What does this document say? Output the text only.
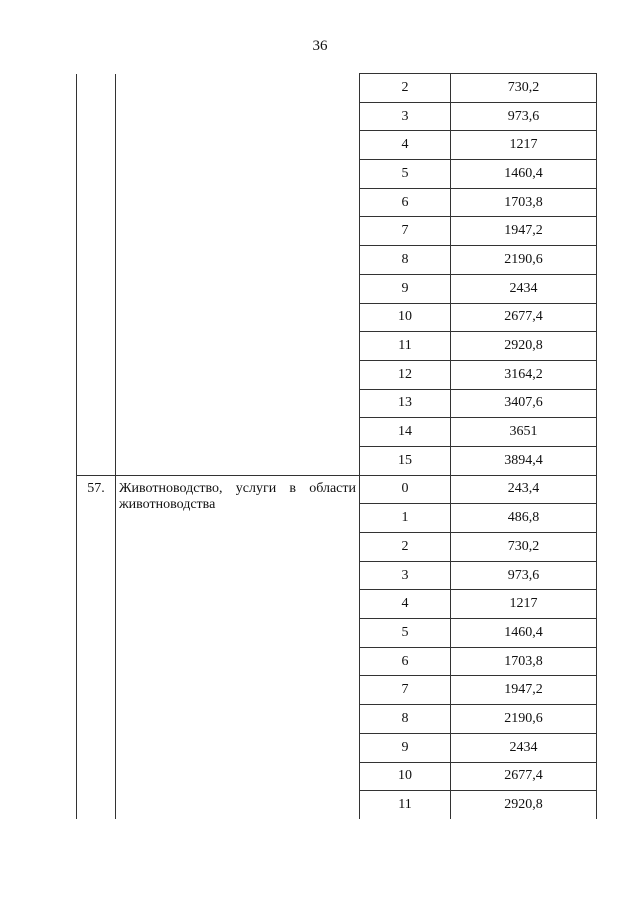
36
		2	730,2
		3	973,6
		4	1217
		5	1460,4
		6	1703,8
		7	1947,2
		8	2190,6
		9	2434
		10	2677,4
		11	2920,8
		12	3164,2
		13	3407,6
		14	3651
		15	3894,4

57.	Животноводство, услуги в области животноводства	0	243,4
		1	486,8
		2	730,2
		3	973,6
		4	1217
		5	1460,4
		6	1703,8
		7	1947,2
		8	2190,6
		9	2434
		10	2677,4
		11	2920,8
